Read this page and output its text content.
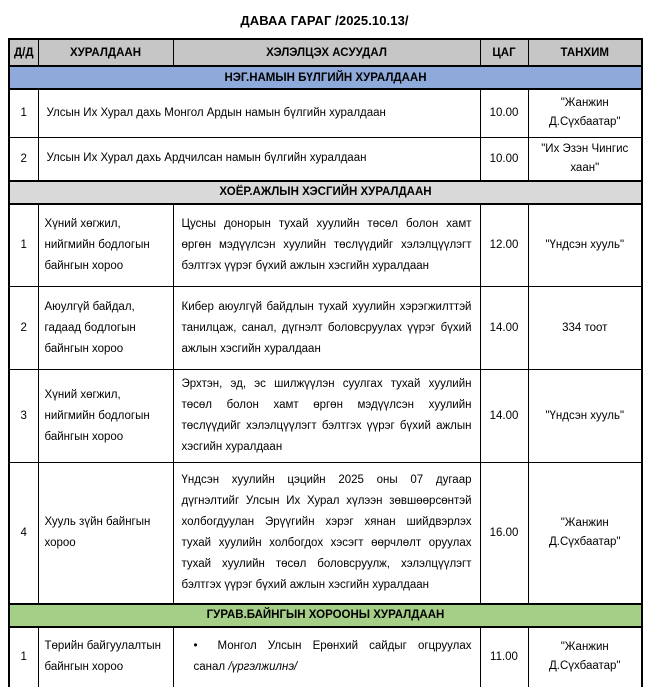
ДАВАА ГАРАГ /2025.10.13/
Д/Д	ХУРАЛДААН	ХЭЛЭЛЦЭХ АСУУДАЛ	ЦАГ	ТАНХИМ
НЭГ.НАМЫН БҮЛГИЙН ХУРАЛДААН				
1	Улсын Их Хурал дахь Монгол Ардын намын бүлгийн хуралдаан		10.00	"Жанжин Д.Сүхбаатар"
2	Улсын Их Хурал дахь Ардчилсан намын бүлгийн хуралдаан		10.00	"Их Эзэн Чингис хаан"
ХОЁР.АЖЛЫН ХЭСГИЙН ХУРАЛДААН				
1	Хүний хөгжил, нийгмийн бодлогын байнгын хороо	Цусны донорын тухай хуулийн төсөл болон хамт өргөн мэдүүлсэн хуулийн төслүүдийг хэлэлцүүлэгт бэлтгэх үүрэг бүхий ажлын хэсгийн хуралдаан	12.00	"Үндсэн хууль"
2	Аюулгүй байдал, гадаад бодлогын байнгын хороо	Кибер аюулгүй байдлын тухай хуулийн хэрэгжилттэй танилцаж, санал, дүгнэлт боловсруулах үүрэг бүхий ажлын хэсгийн хуралдаан	14.00	334 тоот
3	Хүний хөгжил, нийгмийн бодлогын байнгын хороо	Эрхтэн, эд, эс шилжүүлэн суулгах тухай хуулийн төсөл болон хамт өргөн мэдүүлсэн хуулийн төслүүдийг хэлэлцүүлэгт бэлтгэх үүрэг бүхий ажлын хэсгийн хуралдаан	14.00	"Үндсэн хууль"
4	Хууль зүйн байнгын хороо	Үндсэн хуулийн цэцийн 2025 оны 07 дугаар дүгнэлтийг Улсын Их Хурал хүлээн зөвшөөрсөнтэй холбогдуулан Эрүүгийн хэрэг хянан шийдвэрлэх тухай хуулийн холбогдох хэсэгт өөрчлөлт оруулах тухай хуулийн төсөл боловсруулж, хэлэлцүүлэгт бэлтгэх үүрэг бүхий ажлын хэсгийн хуралдаан	16.00	"Жанжин Д.Сүхбаатар"
ГУРАВ.БАЙНГЫН ХОРООНЫ ХУРАЛДААН				
1	Төрийн байгуулалтын байнгын хороо	• Монгол Улсын Ерөнхий сайдыг огцруулах санал /үргэлжилнэ/	11.00	"Жанжин Д.Сүхбаатар"
